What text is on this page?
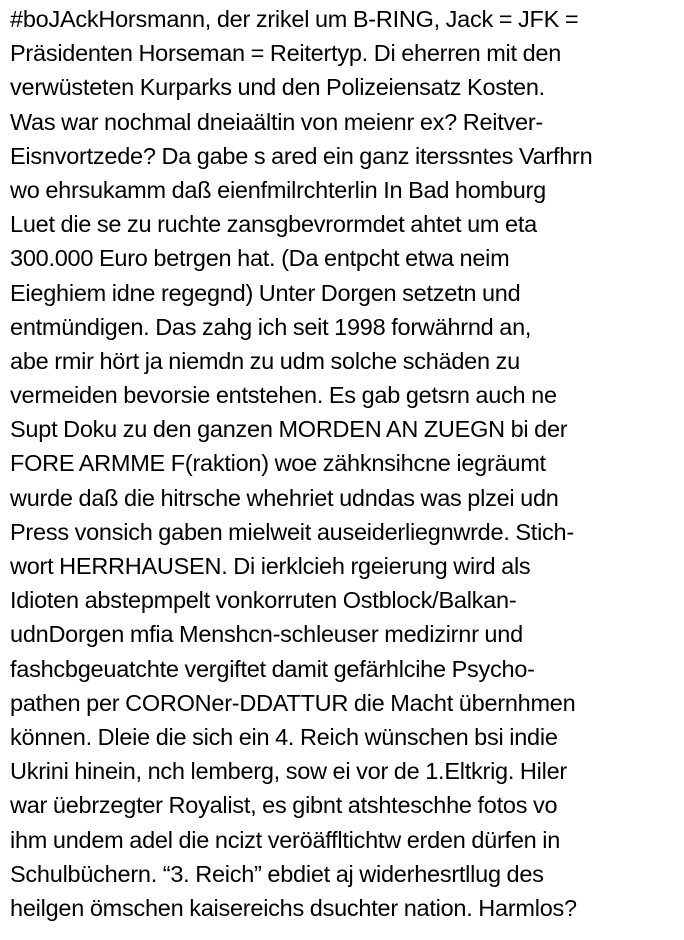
#boJAckHorsmann, der zrikel um B-RING, Jack = JFK =
Präsidenten Horseman = Reitertyp. Di eherren mit den
verwüsteten Kurparks und den Polizeiensatz Kosten.
Was war nochmal dneiaältin von meienr ex? Reitver-
Eisnvortzede? Da gabe s ared ein ganz iterssntes Varfhrn
wo ehrsukamm daß eienfmilrchterlin In Bad homburg
Luet die se zu ruchte zansgbevrormdet ahtet um eta
300.000 Euro betrgen hat. (Da entpcht etwa neim
Eieghiem idne regegnd) Unter Dorgen setzetn und
entmündigen. Das zahg ich seit 1998 forwährnd an,
abe rmir hört ja niemdn zu udm solche schäden zu
vermeiden bevorsie entstehen. Es gab getsrn auch ne
Supt Doku zu den ganzen MORDEN AN ZUEGN bi der
FORE ARMME F(raktion) woe zähknsihcne iegräumt
wurde daß die hitrsche whehriet udndas was plzei udn
Press vonsich gaben mielweit auseiderliegnwrde. Stich-
wort HERRHAUSEN. Di ierklcieh rgeierung wird als
Idioten abstepmpelt vonkorruten Ostblock/Balkan-
udnDorgen mfia Menshcn-schleuser medizirnr und
fashcbgeuatchte vergiftet damit gefärhlcihe Psycho-
pathen per CORONer-DDATTUR die Macht übernhmen
können. Dleie die sich ein 4. Reich wünschen bsi indie
Ukrini hinein, nch lemberg, sow ei vor de 1.Eltkrig. Hiler
war üebrzegter Royalist, es gibnt atshteschhe fotos vo
ihm undem adel die ncizt veröäffltichtw erden dürfen in
Schulbüchern. “3. Reich” ebdiet aj widerhesrtllug des
heilgen ömschen kaisereichs dsuchter nation. Harmlos?
